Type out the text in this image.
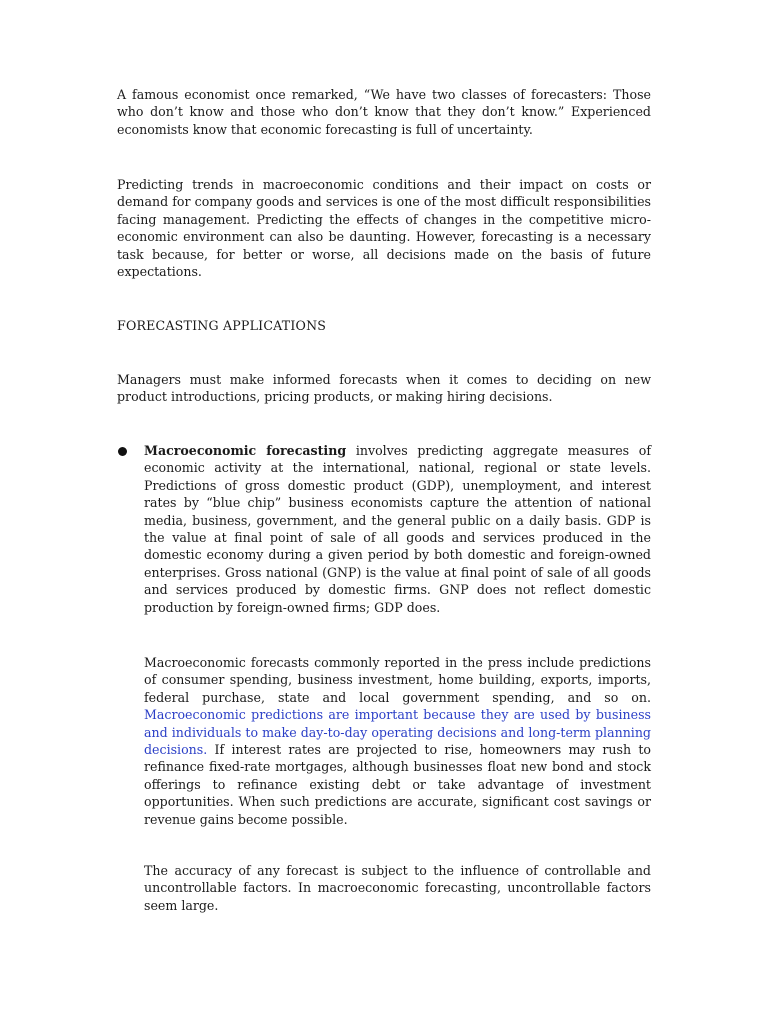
A famous economist once remarked, “We have two classes of forecasters: Those who don’t know and those who don’t know that they don’t know.” Experienced economists know that economic forecasting is full of uncertainty.

Predicting trends in macroeconomic conditions and their impact on costs or demand for company goods and services is one of the most difficult responsibilities facing management. Predicting the effects of changes in the competitive micro-economic environment can also be daunting. However, forecasting is a necessary task because, for better or worse, all decisions made on the basis of future expectations.

FORECASTING APPLICATIONS

Managers must make informed forecasts when it comes to deciding on new product introductions, pricing products, or making hiring decisions.

Macroeconomic forecasting involves predicting aggregate measures of economic activity at the international, national, regional or state levels. Predictions of gross domestic product (GDP), unemployment, and interest rates by “blue chip” business economists capture the attention of national media, business, government, and the general public on a daily basis. GDP is the value at final point of sale of all goods and services produced in the domestic economy during a given period by both domestic and foreign-owned enterprises. Gross national (GNP) is the value at final point of sale of all goods and services produced by domestic firms. GNP does not reflect domestic production by foreign-owned firms; GDP does.

Macroeconomic forecasts commonly reported in the press include predictions of consumer spending, business investment, home building, exports, imports, federal purchase, state and local government spending, and so on. Macroeconomic predictions are important because they are used by business and individuals to make day-to-day operating decisions and long-term planning decisions. If interest rates are projected to rise, homeowners may rush to refinance fixed-rate mortgages, although businesses float new bond and stock offerings to refinance existing debt or take advantage of investment opportunities. When such predictions are accurate, significant cost savings or revenue gains become possible.

The accuracy of any forecast is subject to the influence of controllable and uncontrollable factors. In macroeconomic forecasting, uncontrollable factors seem large.
